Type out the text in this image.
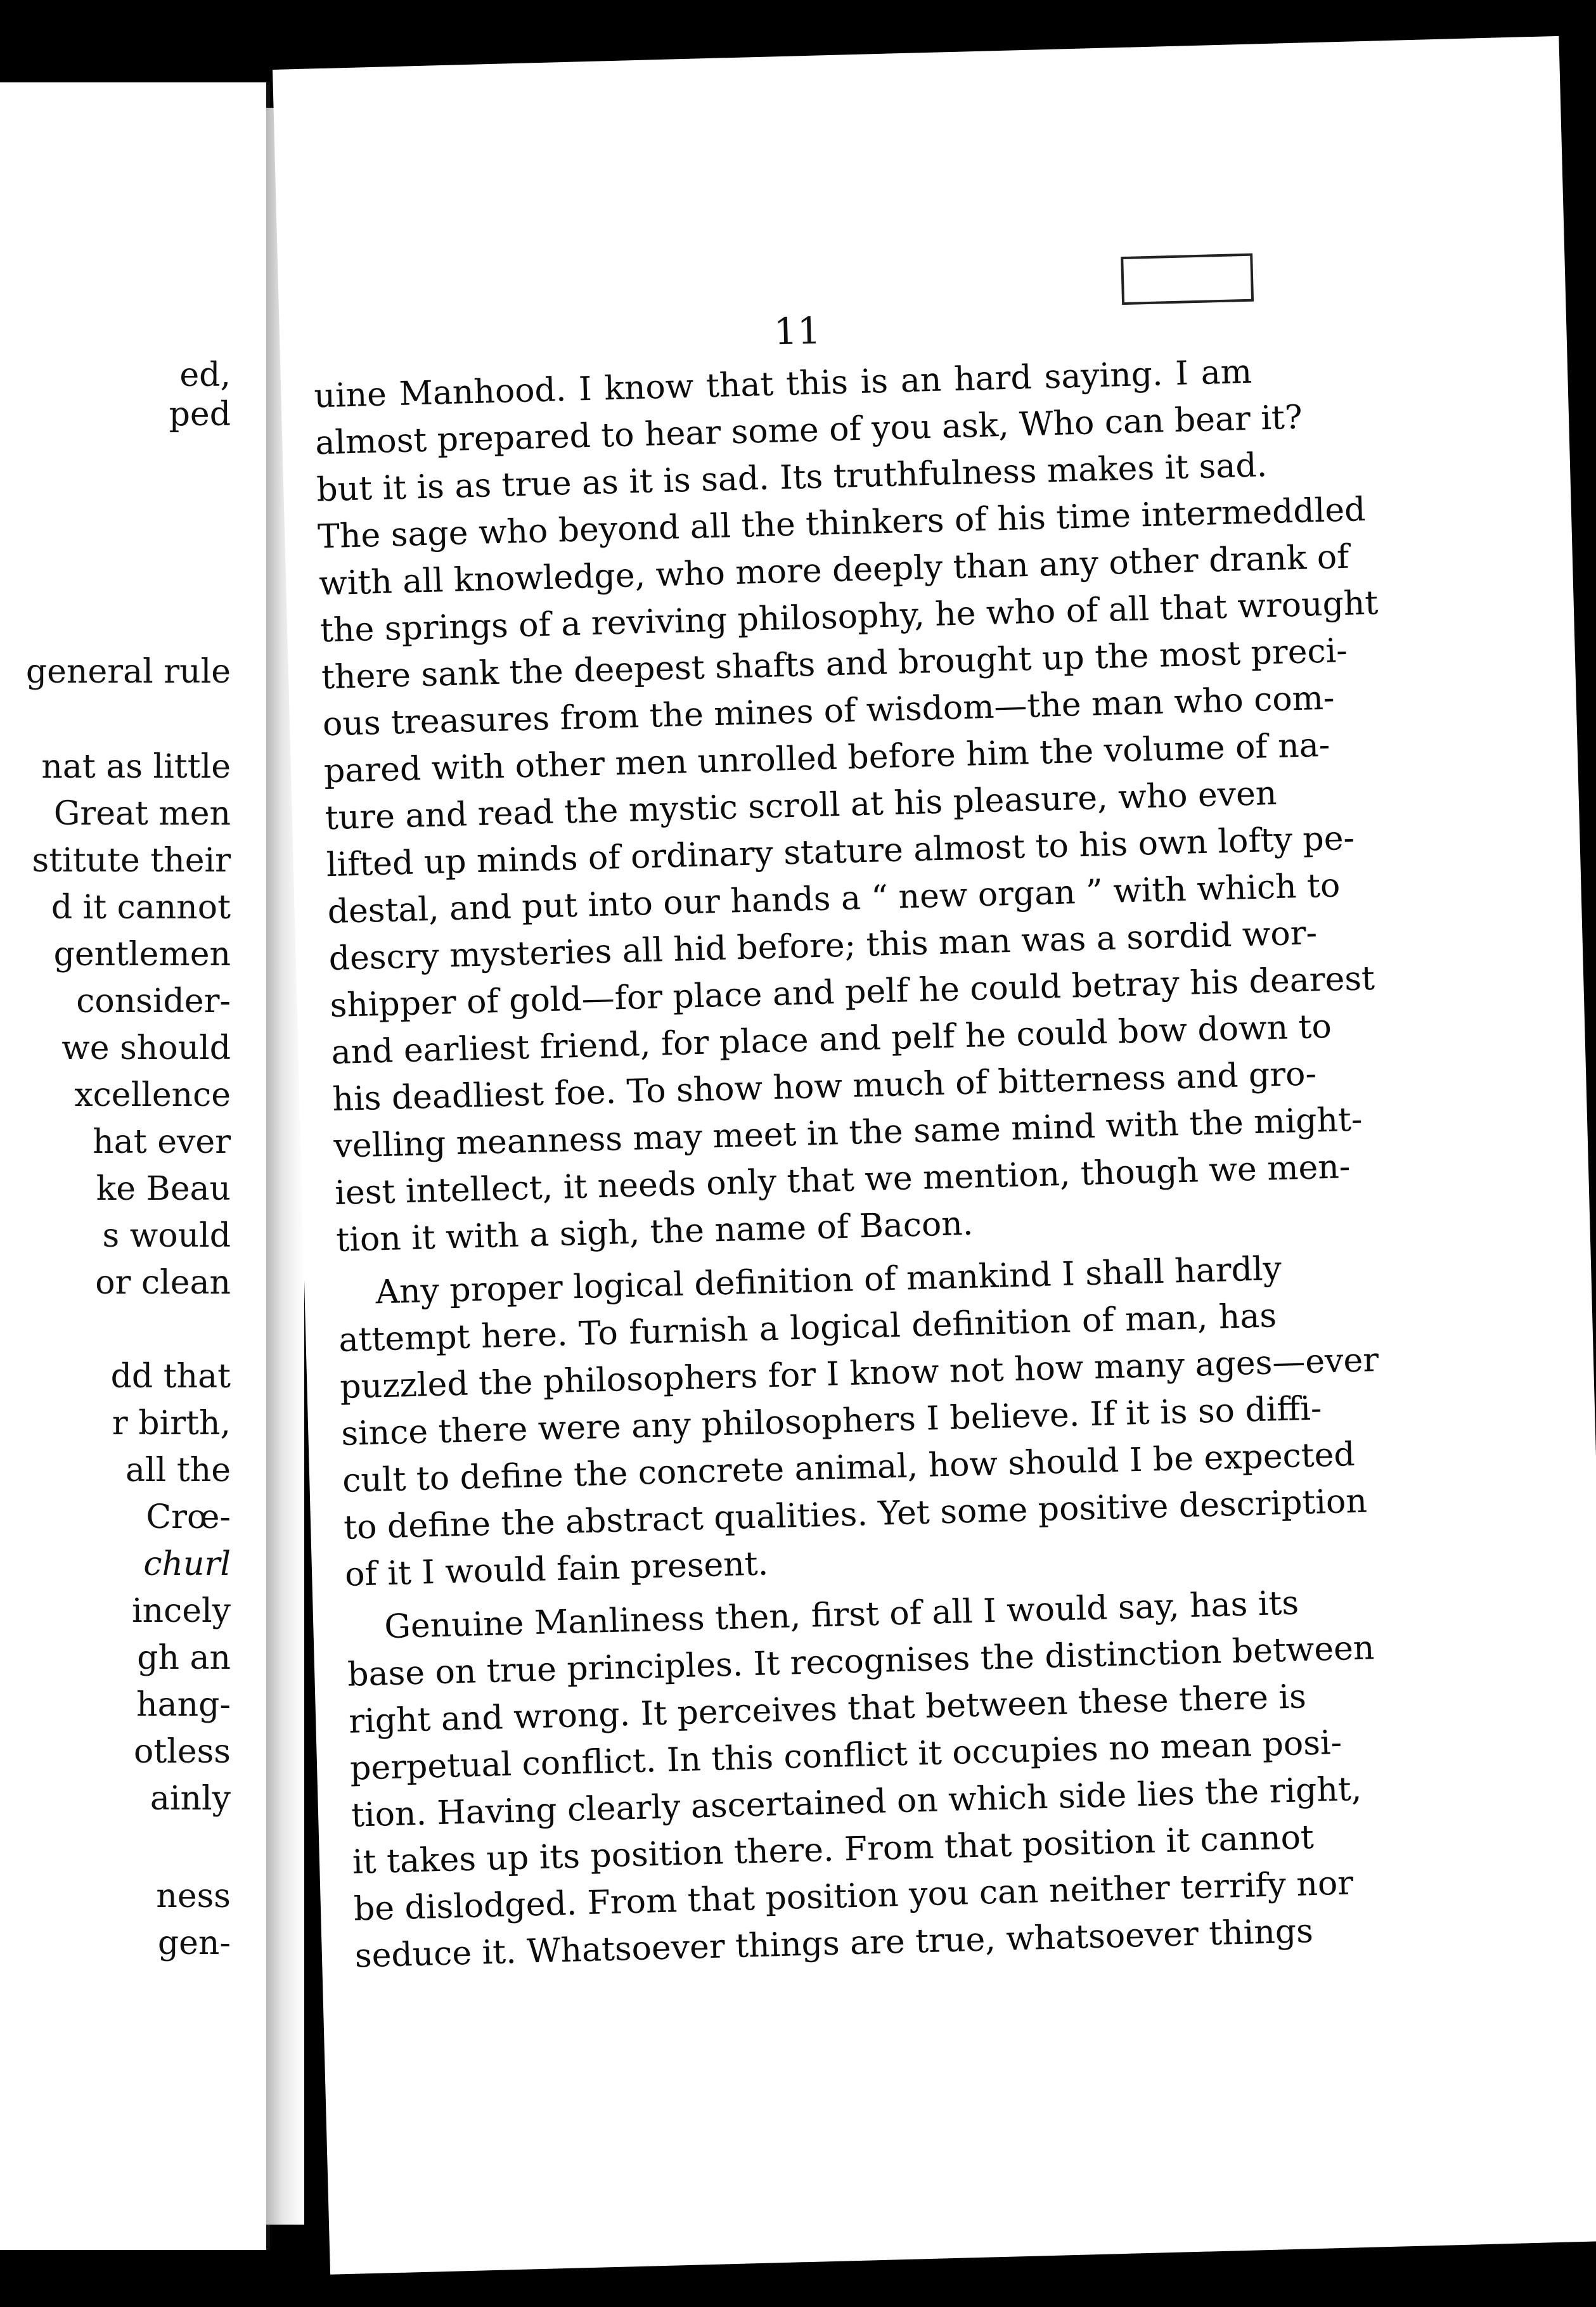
ed,
ped
general rule
nat as little
Great men
stitute their
d it cannot
gentlemen
consider-
we should
xcellence
hat ever
ke Beau
s would
or clean
dd that
r birth,
all the
Crœ-
churl
incely
gh an
hang-
otless
ainly
ness
gen-
11
uine Manhood. I know that this is an hard saying. I am
almost prepared to hear some of you ask, Who can bear it?
but it is as true as it is sad. Its truthfulness makes it sad.
The sage who beyond all the thinkers of his time intermeddled
with all knowledge, who more deeply than any other drank of
the springs of a reviving philosophy, he who of all that wrought
there sank the deepest shafts and brought up the most preci-
ous treasures from the mines of wisdom—the man who com-
pared with other men unrolled before him the volume of na-
ture and read the mystic scroll at his pleasure, who even
lifted up minds of ordinary stature almost to his own lofty pe-
destal, and put into our hands a “ new organ ” with which to
descry mysteries all hid before; this man was a sordid wor-
shipper of gold—for place and pelf he could betray his dearest
and earliest friend, for place and pelf he could bow down to
his deadliest foe. To show how much of bitterness and gro-
velling meanness may meet in the same mind with the might-
iest intellect, it needs only that we mention, though we men-
tion it with a sigh, the name of Bacon.
Any proper logical definition of mankind I shall hardly
attempt here. To furnish a logical definition of man, has
puzzled the philosophers for I know not how many ages—ever
since there were any philosophers I believe. If it is so diffi-
cult to define the concrete animal, how should I be expected
to define the abstract qualities. Yet some positive description
of it I would fain present.
Genuine Manliness then, first of all I would say, has its
base on true principles. It recognises the distinction between
right and wrong. It perceives that between these there is
perpetual conflict. In this conflict it occupies no mean posi-
tion. Having clearly ascertained on which side lies the right,
it takes up its position there. From that position it cannot
be dislodged. From that position you can neither terrify nor
seduce it. Whatsoever things are true, whatsoever things
